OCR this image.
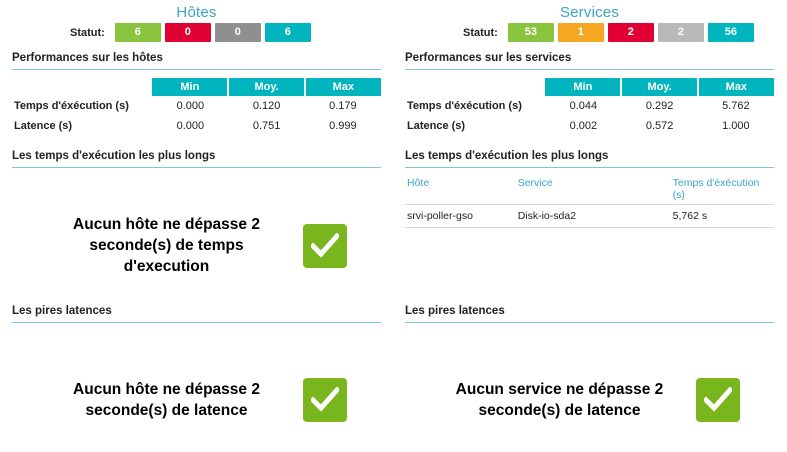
Hôtes
Statut:	6	0	0	6
Performances sur les hôtes
	Min	Moy.	Max
Temps d'éxécution (s)	0.000	0.120	0.179
Latence (s)	0.000	0.751	0.999
Les temps d'exécution les plus longs
Aucun hôte ne dépasse 2 seconde(s) de temps d'execution
Les pires latences
Aucun hôte ne dépasse 2 seconde(s) de latence
Services
Statut:	53	1	2	2	56
Performances sur les services
	Min	Moy.	Max
Temps d'éxécution (s)	0.044	0.292	5.762
Latence (s)	0.002	0.572	1.000
Les temps d'exécution les plus longs
Hôte	Service	Temps d'éxécution (s)
srvi-poller-gso	Disk-io-sda2	5,762 s
Les pires latences
Aucun service ne dépasse 2 seconde(s) de latence
